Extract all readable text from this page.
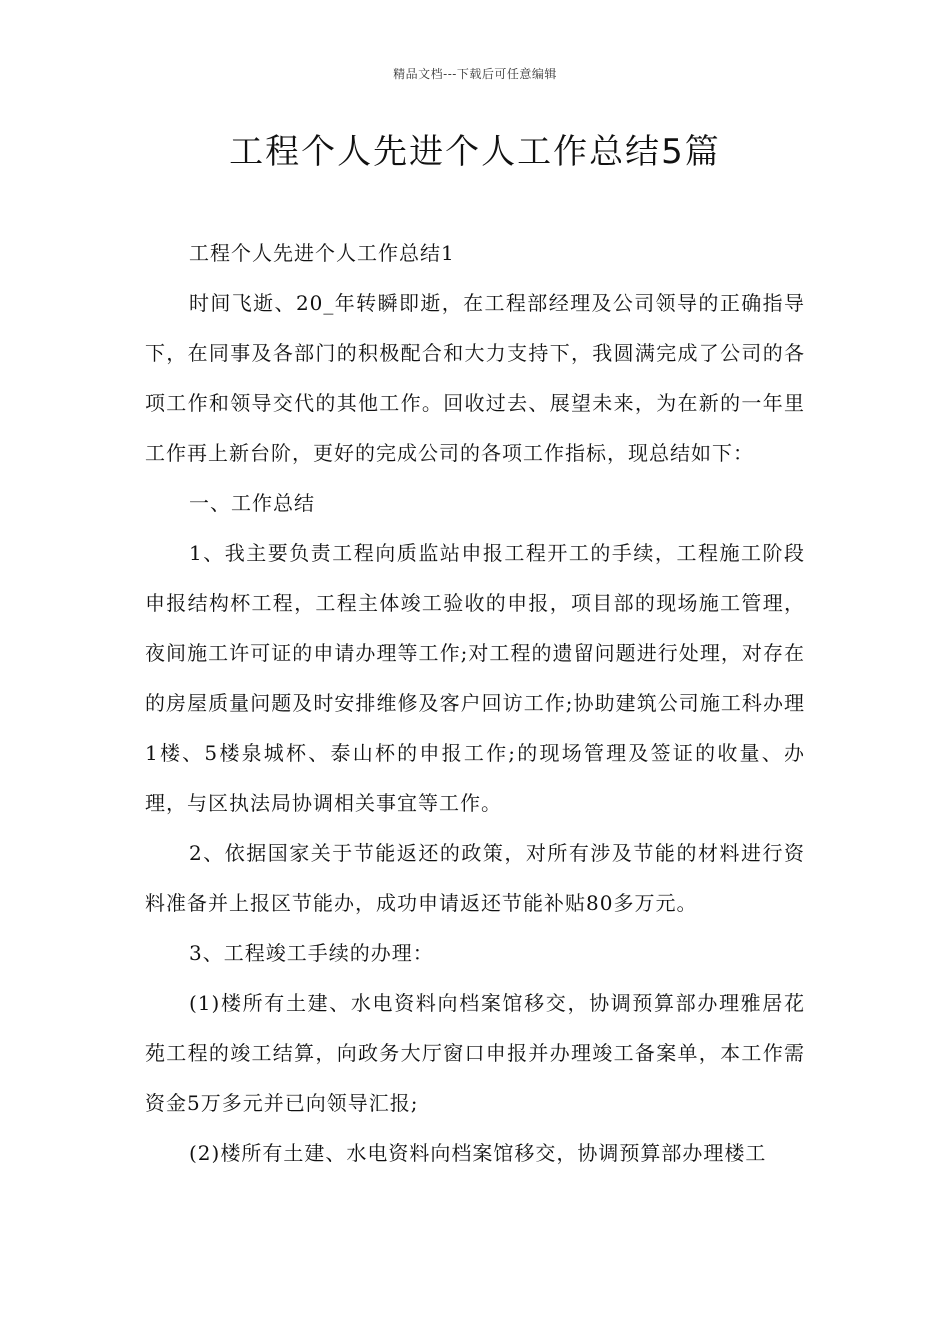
精品文档---下载后可任意编辑
工程个人先进个人工作总结5篇

工程个人先进个人工作总结1

时间飞逝、20_年转瞬即逝，在工程部经理及公司领导的正确指导下，在同事及各部门的积极配合和大力支持下，我圆满完成了公司的各项工作和领导交代的其他工作。回收过去、展望未来，为在新的一年里工作再上新台阶，更好的完成公司的各项工作指标，现总结如下：

一、工作总结

1、我主要负责工程向质监站申报工程开工的手续，工程施工阶段申报结构杯工程，工程主体竣工验收的申报，项目部的现场施工管理，夜间施工许可证的申请办理等工作;对工程的遗留问题进行处理，对存在的房屋质量问题及时安排维修及客户回访工作;协助建筑公司施工科办理1楼、5楼泉城杯、泰山杯的申报工作;的现场管理及签证的收量、办理，与区执法局协调相关事宜等工作。

2、依据国家关于节能返还的政策，对所有涉及节能的材料进行资料准备并上报区节能办，成功申请返还节能补贴80多万元。

3、工程竣工手续的办理：

(1)楼所有土建、水电资料向档案馆移交，协调预算部办理雅居花苑工程的竣工结算，向政务大厅窗口申报并办理竣工备案单，本工作需资金5万多元并已向领导汇报;

(2)楼所有土建、水电资料向档案馆移交，协调预算部办理楼工
